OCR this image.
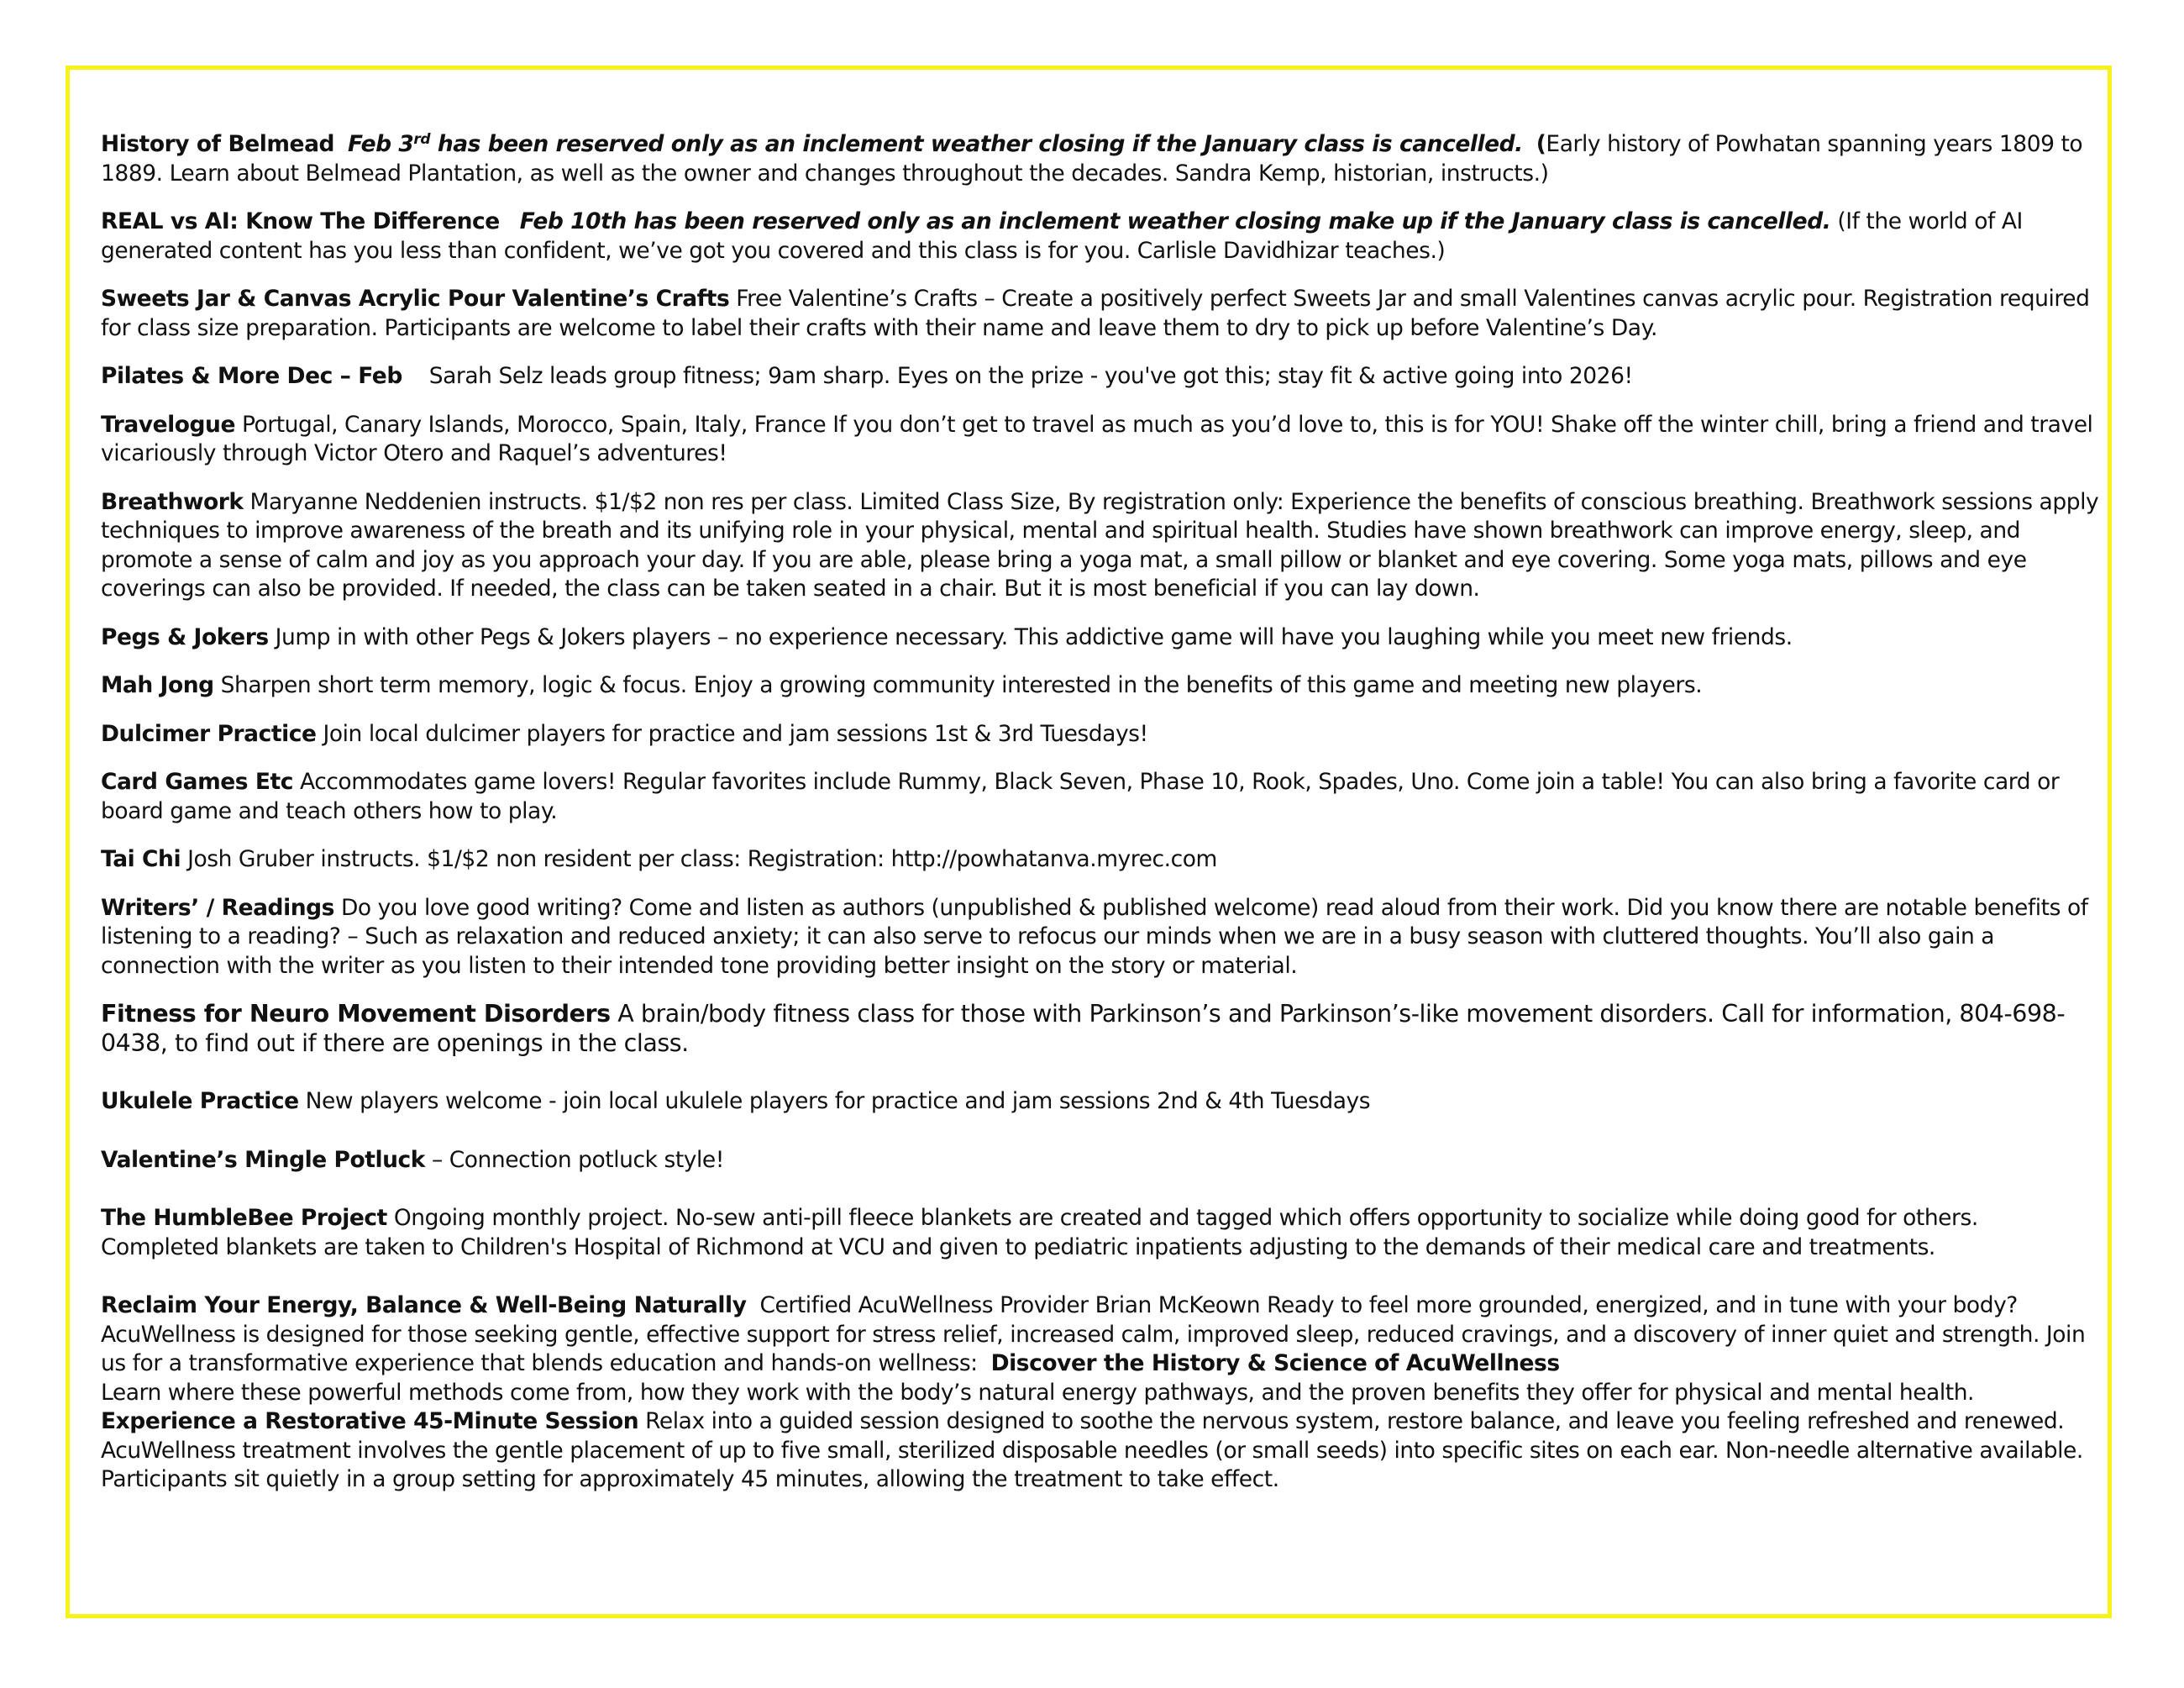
History of Belmead Feb 3rd has been reserved only as an inclement weather closing if the January class is cancelled. (Early history of Powhatan spanning years 1809 to 1889. Learn about Belmead Plantation, as well as the owner and changes throughout the decades. Sandra Kemp, historian, instructs.)

REAL vs AI: Know The Difference Feb 10th has been reserved only as an inclement weather closing make up if the January class is cancelled. (If the world of AI generated content has you less than confident, we’ve got you covered and this class is for you. Carlisle Davidhizar teaches.)

Sweets Jar & Canvas Acrylic Pour Valentine’s Crafts Free Valentine’s Crafts – Create a positively perfect Sweets Jar and small Valentines canvas acrylic pour. Registration required for class size preparation. Participants are welcome to label their crafts with their name and leave them to dry to pick up before Valentine’s Day.

Pilates & More Dec – Feb Sarah Selz leads group fitness; 9am sharp. Eyes on the prize - you've got this; stay fit & active going into 2026!

Travelogue Portugal, Canary Islands, Morocco, Spain, Italy, France If you don’t get to travel as much as you’d love to, this is for YOU! Shake off the winter chill, bring a friend and travel vicariously through Victor Otero and Raquel’s adventures!

Breathwork Maryanne Neddenien instructs. $1/$2 non res per class. Limited Class Size, By registration only: Experience the benefits of conscious breathing. Breathwork sessions apply techniques to improve awareness of the breath and its unifying role in your physical, mental and spiritual health. Studies have shown breathwork can improve energy, sleep, and promote a sense of calm and joy as you approach your day. If you are able, please bring a yoga mat, a small pillow or blanket and eye covering. Some yoga mats, pillows and eye coverings can also be provided. If needed, the class can be taken seated in a chair. But it is most beneficial if you can lay down.

Pegs & Jokers Jump in with other Pegs & Jokers players – no experience necessary. This addictive game will have you laughing while you meet new friends.

Mah Jong Sharpen short term memory, logic & focus. Enjoy a growing community interested in the benefits of this game and meeting new players.

Dulcimer Practice Join local dulcimer players for practice and jam sessions 1st & 3rd Tuesdays!

Card Games Etc Accommodates game lovers! Regular favorites include Rummy, Black Seven, Phase 10, Rook, Spades, Uno. Come join a table! You can also bring a favorite card or board game and teach others how to play.

Tai Chi Josh Gruber instructs. $1/$2 non resident per class: Registration: http://powhatanva.myrec.com

Writers’ / Readings Do you love good writing? Come and listen as authors (unpublished & published welcome) read aloud from their work. Did you know there are notable benefits of listening to a reading? – Such as relaxation and reduced anxiety; it can also serve to refocus our minds when we are in a busy season with cluttered thoughts. You’ll also gain a connection with the writer as you listen to their intended tone providing better insight on the story or material.

Fitness for Neuro Movement Disorders A brain/body fitness class for those with Parkinson’s and Parkinson’s-like movement disorders. Call for information, 804-698-0438, to find out if there are openings in the class.

Ukulele Practice New players welcome - join local ukulele players for practice and jam sessions 2nd & 4th Tuesdays

Valentine’s Mingle Potluck – Connection potluck style!

The HumbleBee Project Ongoing monthly project. No-sew anti-pill fleece blankets are created and tagged which offers opportunity to socialize while doing good for others. Completed blankets are taken to Children's Hospital of Richmond at VCU and given to pediatric inpatients adjusting to the demands of their medical care and treatments.

Reclaim Your Energy, Balance & Well-Being Naturally Certified AcuWellness Provider Brian McKeown Ready to feel more grounded, energized, and in tune with your body? AcuWellness is designed for those seeking gentle, effective support for stress relief, increased calm, improved sleep, reduced cravings, and a discovery of inner quiet and strength. Join us for a transformative experience that blends education and hands-on wellness: Discover the History & Science of AcuWellness
Learn where these powerful methods come from, how they work with the body’s natural energy pathways, and the proven benefits they offer for physical and mental health.
Experience a Restorative 45-Minute Session Relax into a guided session designed to soothe the nervous system, restore balance, and leave you feeling refreshed and renewed. AcuWellness treatment involves the gentle placement of up to five small, sterilized disposable needles (or small seeds) into specific sites on each ear. Non-needle alternative available. Participants sit quietly in a group setting for approximately 45 minutes, allowing the treatment to take effect.
